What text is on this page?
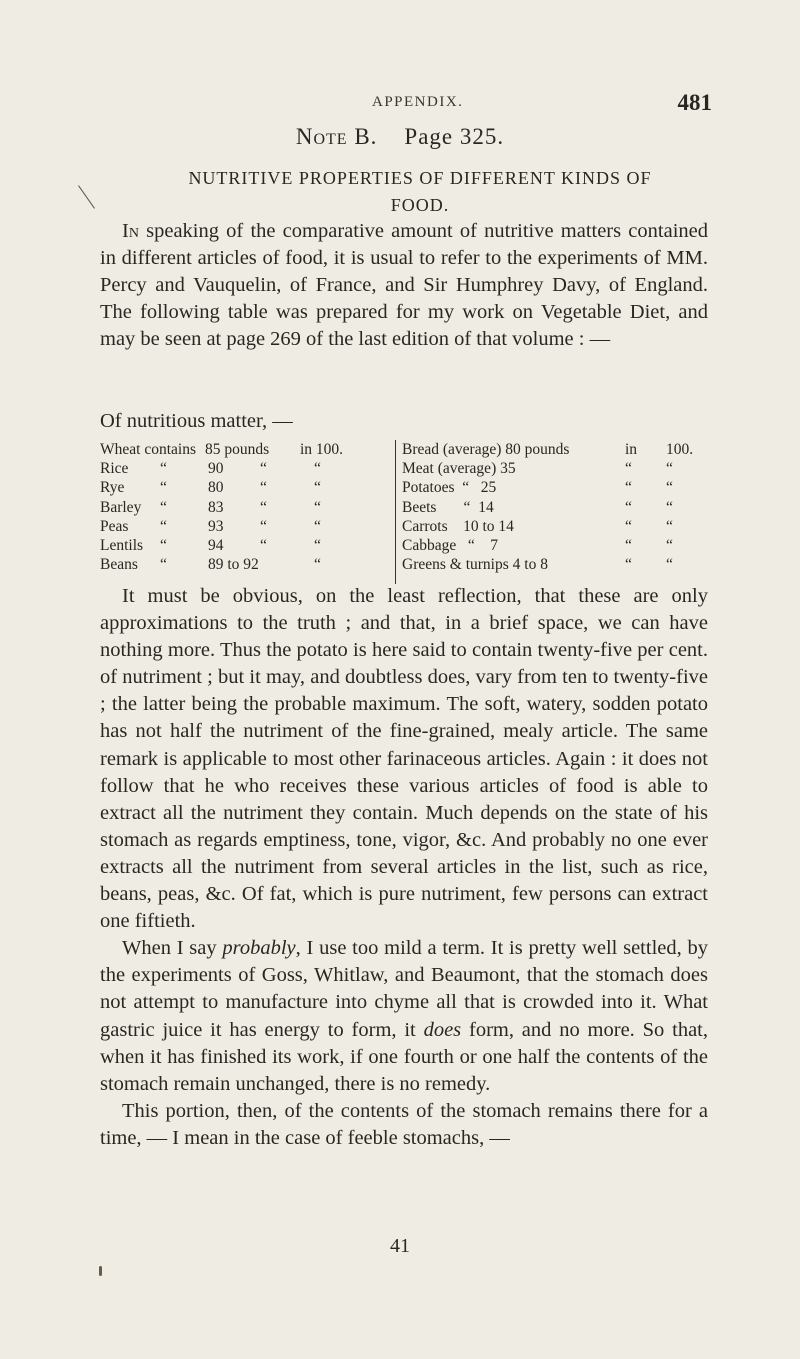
APPENDIX.	481
Note B. Page 325.
NUTRITIVE PROPERTIES OF DIFFERENT KINDS OF
FOOD.

In speaking of the comparative amount of nutritive matters contained in different articles of food, it is usual to refer to the experiments of MM. Percy and Vauquelin, of France, and Sir Humphrey Davy, of England. The following table was prepared for my work on Vegetable Diet, and may be seen at page 269 of the last edition of that volume : —

Of nutritious matter, —

Wheat contains 85 pounds in 100.
Rice “	90 “	“
Rye “	80 “	“
Barley “	83 “	“
Peas “	93 “	“
Lentils “	94 “	“
Beans “	89 to 92	“
Bread (average) 80 pounds	in 100.
Meat (average) 35	“ “
Potatoes  “   25	“ “
Beets       “  14	“ “
Carrots    10 to 14	“ “
Cabbage   “    7	“ “
Greens & turnips 4 to 8	“ “

It must be obvious, on the least reflection, that these are only approximations to the truth ; and that, in a brief space, we can have nothing more. Thus the potato is here said to contain twenty-five per cent. of nutriment ; but it may, and doubtless does, vary from ten to twenty-five ; the latter being the probable maximum. The soft, watery, sodden potato has not half the nutriment of the fine-grained, mealy article. The same remark is applicable to most other farinaceous articles. Again : it does not follow that he who receives these various articles of food is able to extract all the nutriment they contain. Much depends on the state of his stomach as regards emptiness, tone, vigor, &c. And probably no one ever extracts all the nutriment from several articles in the list, such as rice, beans, peas, &c. Of fat, which is pure nutriment, few persons can extract one fiftieth.

When I say probably, I use too mild a term. It is pretty well settled, by the experiments of Goss, Whitlaw, and Beaumont, that the stomach does not attempt to manufacture into chyme all that is crowded into it. What gastric juice it has energy to form, it does form, and no more. So that, when it has finished its work, if one fourth or one half the contents of the stomach remain unchanged, there is no remedy.

This portion, then, of the contents of the stomach remains there for a time, — I mean in the case of feeble stomachs, —

41
